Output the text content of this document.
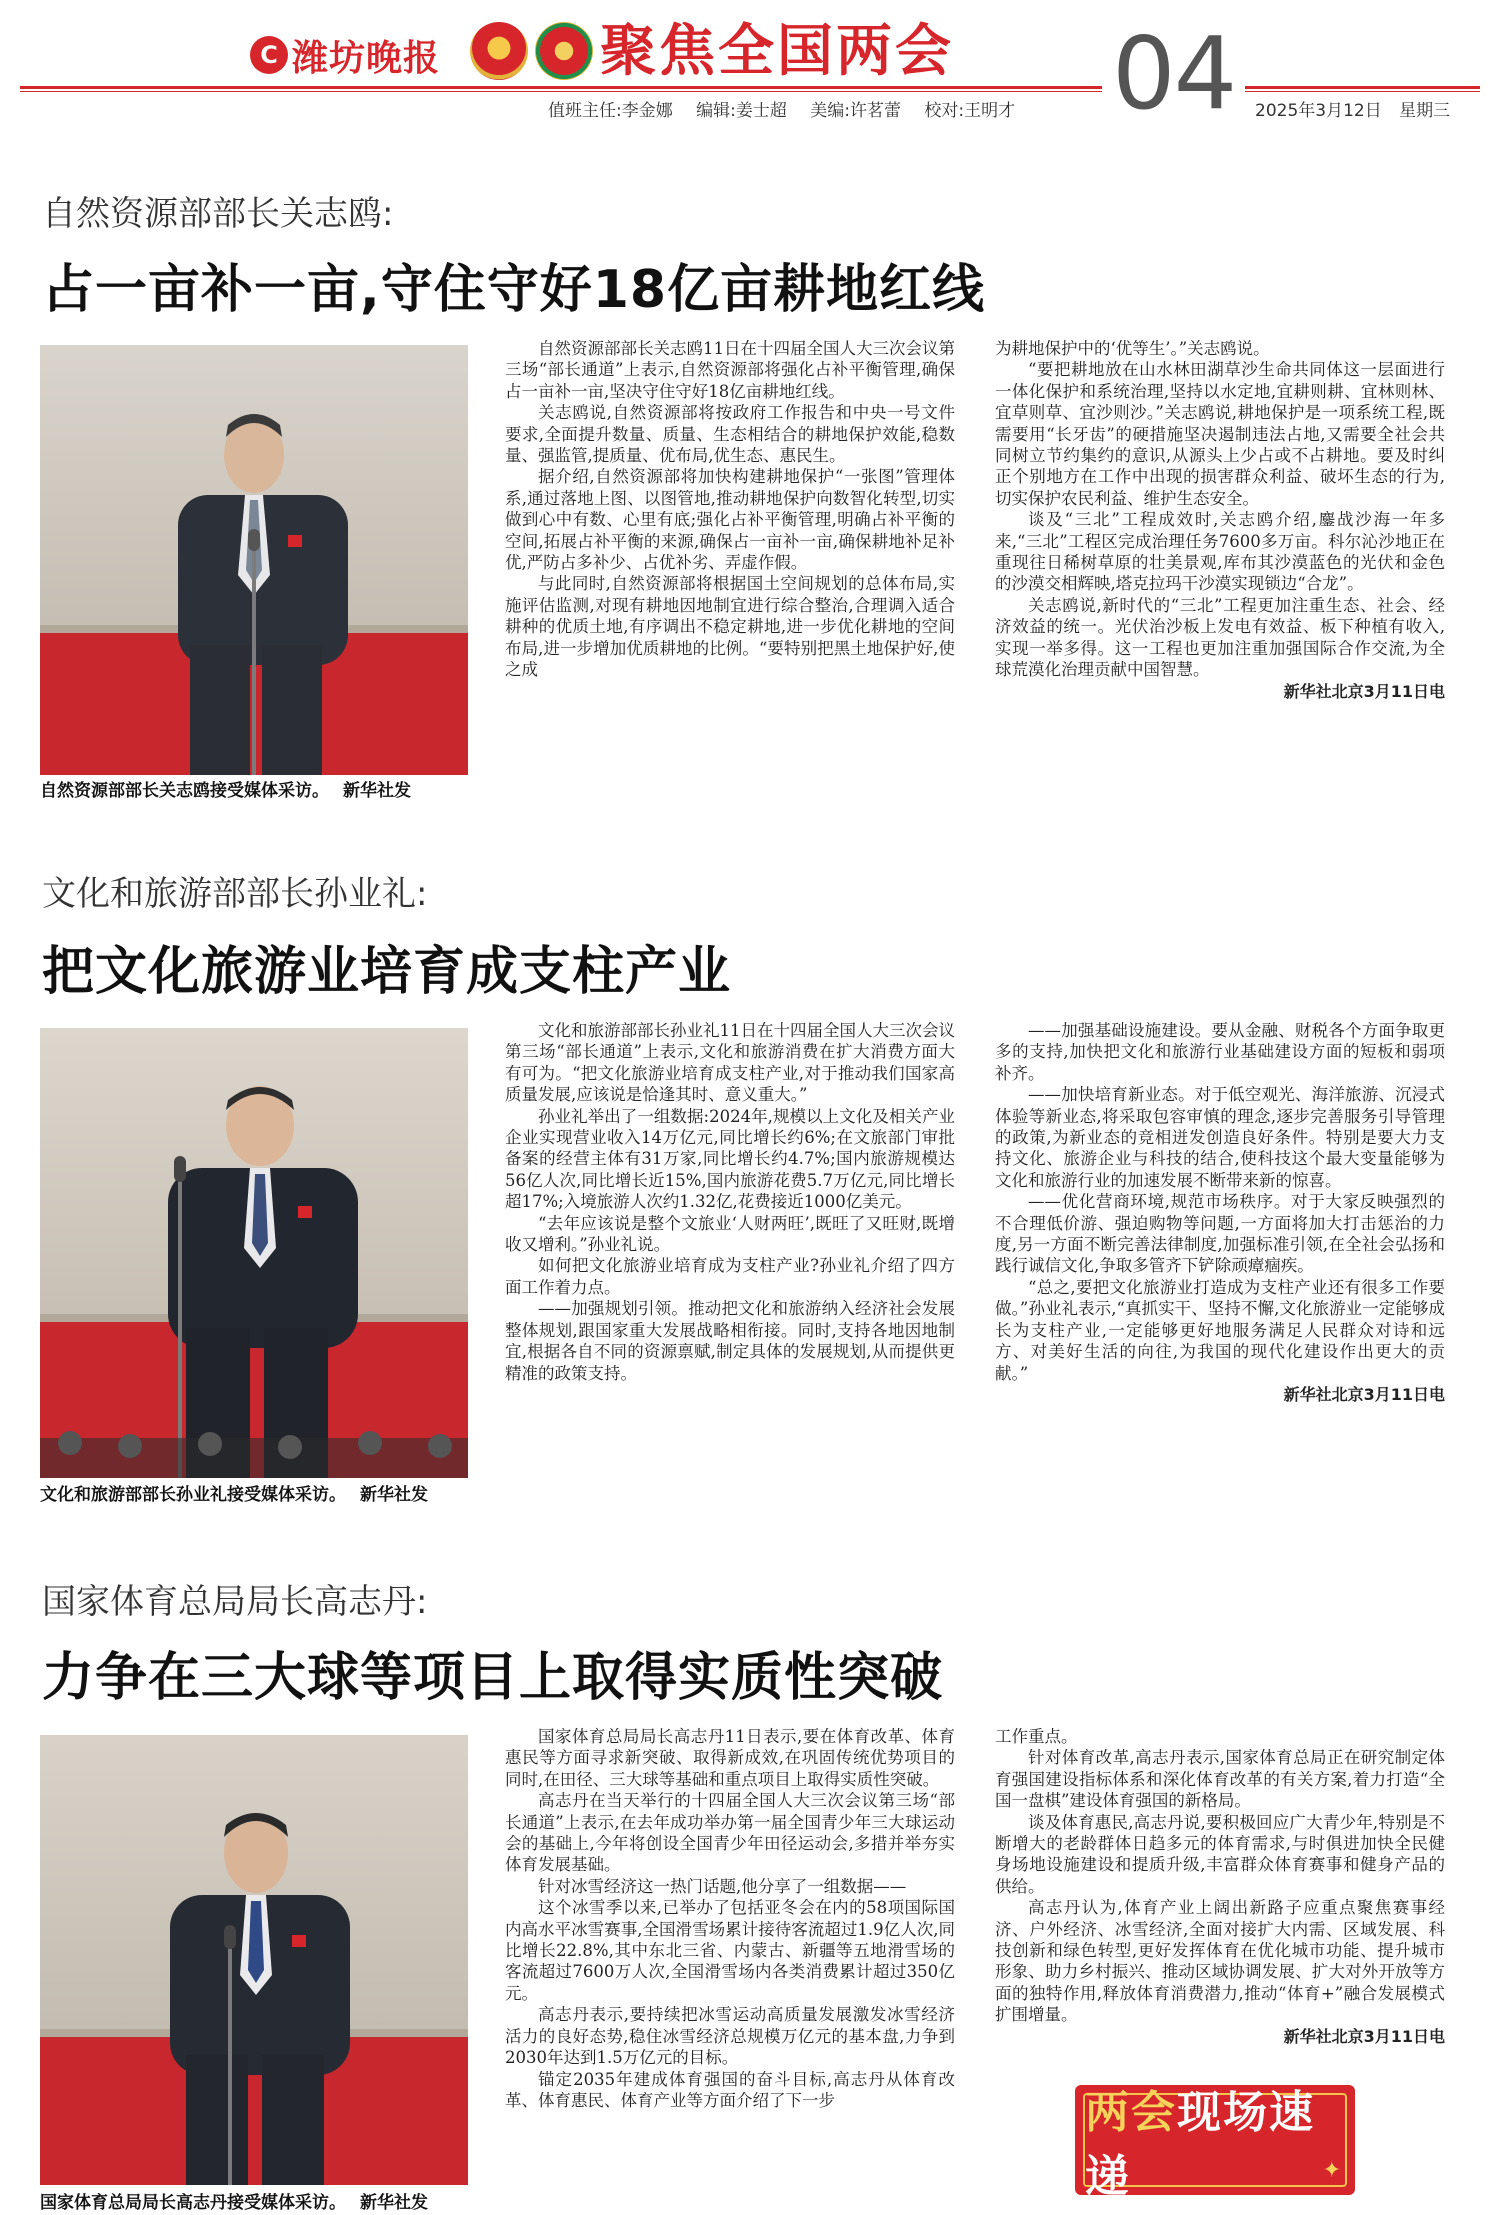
C 潍坊晚报	聚焦全国两会 04
值班主任:李金娜 编辑:姜士超 美编:许茗蕾 校对:王明才	2025年3月12日 星期三
自然资源部部长关志鸥:
占一亩补一亩,守住守好18亿亩耕地红线
自然资源部部长关志鸥接受媒体采访。 新华社发

自然资源部部长关志鸥11日在十四届全国人大三次会议第三场“部长通道”上表示,自然资源部将强化占补平衡管理,确保占一亩补一亩,坚决守住守好18亿亩耕地红线。

关志鸥说,自然资源部将按政府工作报告和中央一号文件要求,全面提升数量、质量、生态相结合的耕地保护效能,稳数量、强监管,提质量、优布局,优生态、惠民生。

据介绍,自然资源部将加快构建耕地保护“一张图”管理体系,通过落地上图、以图管地,推动耕地保护向数智化转型,切实做到心中有数、心里有底;强化占补平衡管理,明确占补平衡的空间,拓展占补平衡的来源,确保占一亩补一亩,确保耕地补足补优,严防占多补少、占优补劣、弄虚作假。

与此同时,自然资源部将根据国土空间规划的总体布局,实施评估监测,对现有耕地因地制宜进行综合整治,合理调入适合耕种的优质土地,有序调出不稳定耕地,进一步优化耕地的空间布局,进一步增加优质耕地的比例。“要特别把黑土地保护好,使之成

为耕地保护中的‘优等生’。”关志鸥说。

“要把耕地放在山水林田湖草沙生命共同体这一层面进行一体化保护和系统治理,坚持以水定地,宜耕则耕、宜林则林、宜草则草、宜沙则沙。”关志鸥说,耕地保护是一项系统工程,既需要用“长牙齿”的硬措施坚决遏制违法占地,又需要全社会共同树立节约集约的意识,从源头上少占或不占耕地。要及时纠正个别地方在工作中出现的损害群众利益、破坏生态的行为,切实保护农民利益、维护生态安全。

谈及“三北”工程成效时,关志鸥介绍,鏖战沙海一年多来,“三北”工程区完成治理任务7600多万亩。科尔沁沙地正在重现往日稀树草原的壮美景观,库布其沙漠蓝色的光伏和金色的沙漠交相辉映,塔克拉玛干沙漠实现锁边“合龙”。

关志鸥说,新时代的“三北”工程更加注重生态、社会、经济效益的统一。光伏治沙板上发电有效益、板下种植有收入,实现一举多得。这一工程也更加注重加强国际合作交流,为全球荒漠化治理贡献中国智慧。

新华社北京3月11日电

文化和旅游部部长孙业礼:
把文化旅游业培育成支柱产业
文化和旅游部部长孙业礼接受媒体采访。 新华社发

文化和旅游部部长孙业礼11日在十四届全国人大三次会议第三场“部长通道”上表示,文化和旅游消费在扩大消费方面大有可为。“把文化旅游业培育成支柱产业,对于推动我们国家高质量发展,应该说是恰逢其时、意义重大。”

孙业礼举出了一组数据:2024年,规模以上文化及相关产业企业实现营业收入14万亿元,同比增长约6%;在文旅部门审批备案的经营主体有31万家,同比增长约4.7%;国内旅游规模达56亿人次,同比增长近15%,国内旅游花费5.7万亿元,同比增长超17%;入境旅游人次约1.32亿,花费接近1000亿美元。

“去年应该说是整个文旅业‘人财两旺’,既旺了又旺财,既增收又增利。”孙业礼说。

如何把文化旅游业培育成为支柱产业?孙业礼介绍了四方面工作着力点。

——加强规划引领。推动把文化和旅游纳入经济社会发展整体规划,跟国家重大发展战略相衔接。同时,支持各地因地制宜,根据各自不同的资源禀赋,制定具体的发展规划,从而提供更精准的政策支持。

——加强基础设施建设。要从金融、财税各个方面争取更多的支持,加快把文化和旅游行业基础建设方面的短板和弱项补齐。

——加快培育新业态。对于低空观光、海洋旅游、沉浸式体验等新业态,将采取包容审慎的理念,逐步完善服务引导管理的政策,为新业态的竞相迸发创造良好条件。特别是要大力支持文化、旅游企业与科技的结合,使科技这个最大变量能够为文化和旅游行业的加速发展不断带来新的惊喜。

——优化营商环境,规范市场秩序。对于大家反映强烈的不合理低价游、强迫购物等问题,一方面将加大打击惩治的力度,另一方面不断完善法律制度,加强标准引领,在全社会弘扬和践行诚信文化,争取多管齐下铲除顽瘴痼疾。

“总之,要把文化旅游业打造成为支柱产业还有很多工作要做。”孙业礼表示,“真抓实干、坚持不懈,文化旅游业一定能够成长为支柱产业,一定能够更好地服务满足人民群众对诗和远方、对美好生活的向往,为我国的现代化建设作出更大的贡献。”

新华社北京3月11日电

国家体育总局局长高志丹:
力争在三大球等项目上取得实质性突破
国家体育总局局长高志丹接受媒体采访。 新华社发

国家体育总局局长高志丹11日表示,要在体育改革、体育惠民等方面寻求新突破、取得新成效,在巩固传统优势项目的同时,在田径、三大球等基础和重点项目上取得实质性突破。

高志丹在当天举行的十四届全国人大三次会议第三场“部长通道”上表示,在去年成功举办第一届全国青少年三大球运动会的基础上,今年将创设全国青少年田径运动会,多措并举夯实体育发展基础。

针对冰雪经济这一热门话题,他分享了一组数据——

这个冰雪季以来,已举办了包括亚冬会在内的58项国际国内高水平冰雪赛事,全国滑雪场累计接待客流超过1.9亿人次,同比增长22.8%,其中东北三省、内蒙古、新疆等五地滑雪场的客流超过7600万人次,全国滑雪场内各类消费累计超过350亿元。

高志丹表示,要持续把冰雪运动高质量发展激发冰雪经济活力的良好态势,稳住冰雪经济总规模万亿元的基本盘,力争到2030年达到1.5万亿元的目标。

锚定2035年建成体育强国的奋斗目标,高志丹从体育改革、体育惠民、体育产业等方面介绍了下一步

工作重点。

针对体育改革,高志丹表示,国家体育总局正在研究制定体育强国建设指标体系和深化体育改革的有关方案,着力打造“全国一盘棋”建设体育强国的新格局。

谈及体育惠民,高志丹说,要积极回应广大青少年,特别是不断增大的老龄群体日趋多元的体育需求,与时俱进加快全民健身场地设施建设和提质升级,丰富群众体育赛事和健身产品的供给。

高志丹认为,体育产业上阔出新路子应重点聚焦赛事经济、户外经济、冰雪经济,全面对接扩大内需、区域发展、科技创新和绿色转型,更好发挥体育在优化城市功能、提升城市形象、助力乡村振兴、推动区域协调发展、扩大对外开放等方面的独特作用,释放体育消费潜力,推动“体育+”融合发展模式扩围增量。

新华社北京3月11日电

两会现场速递	✦
